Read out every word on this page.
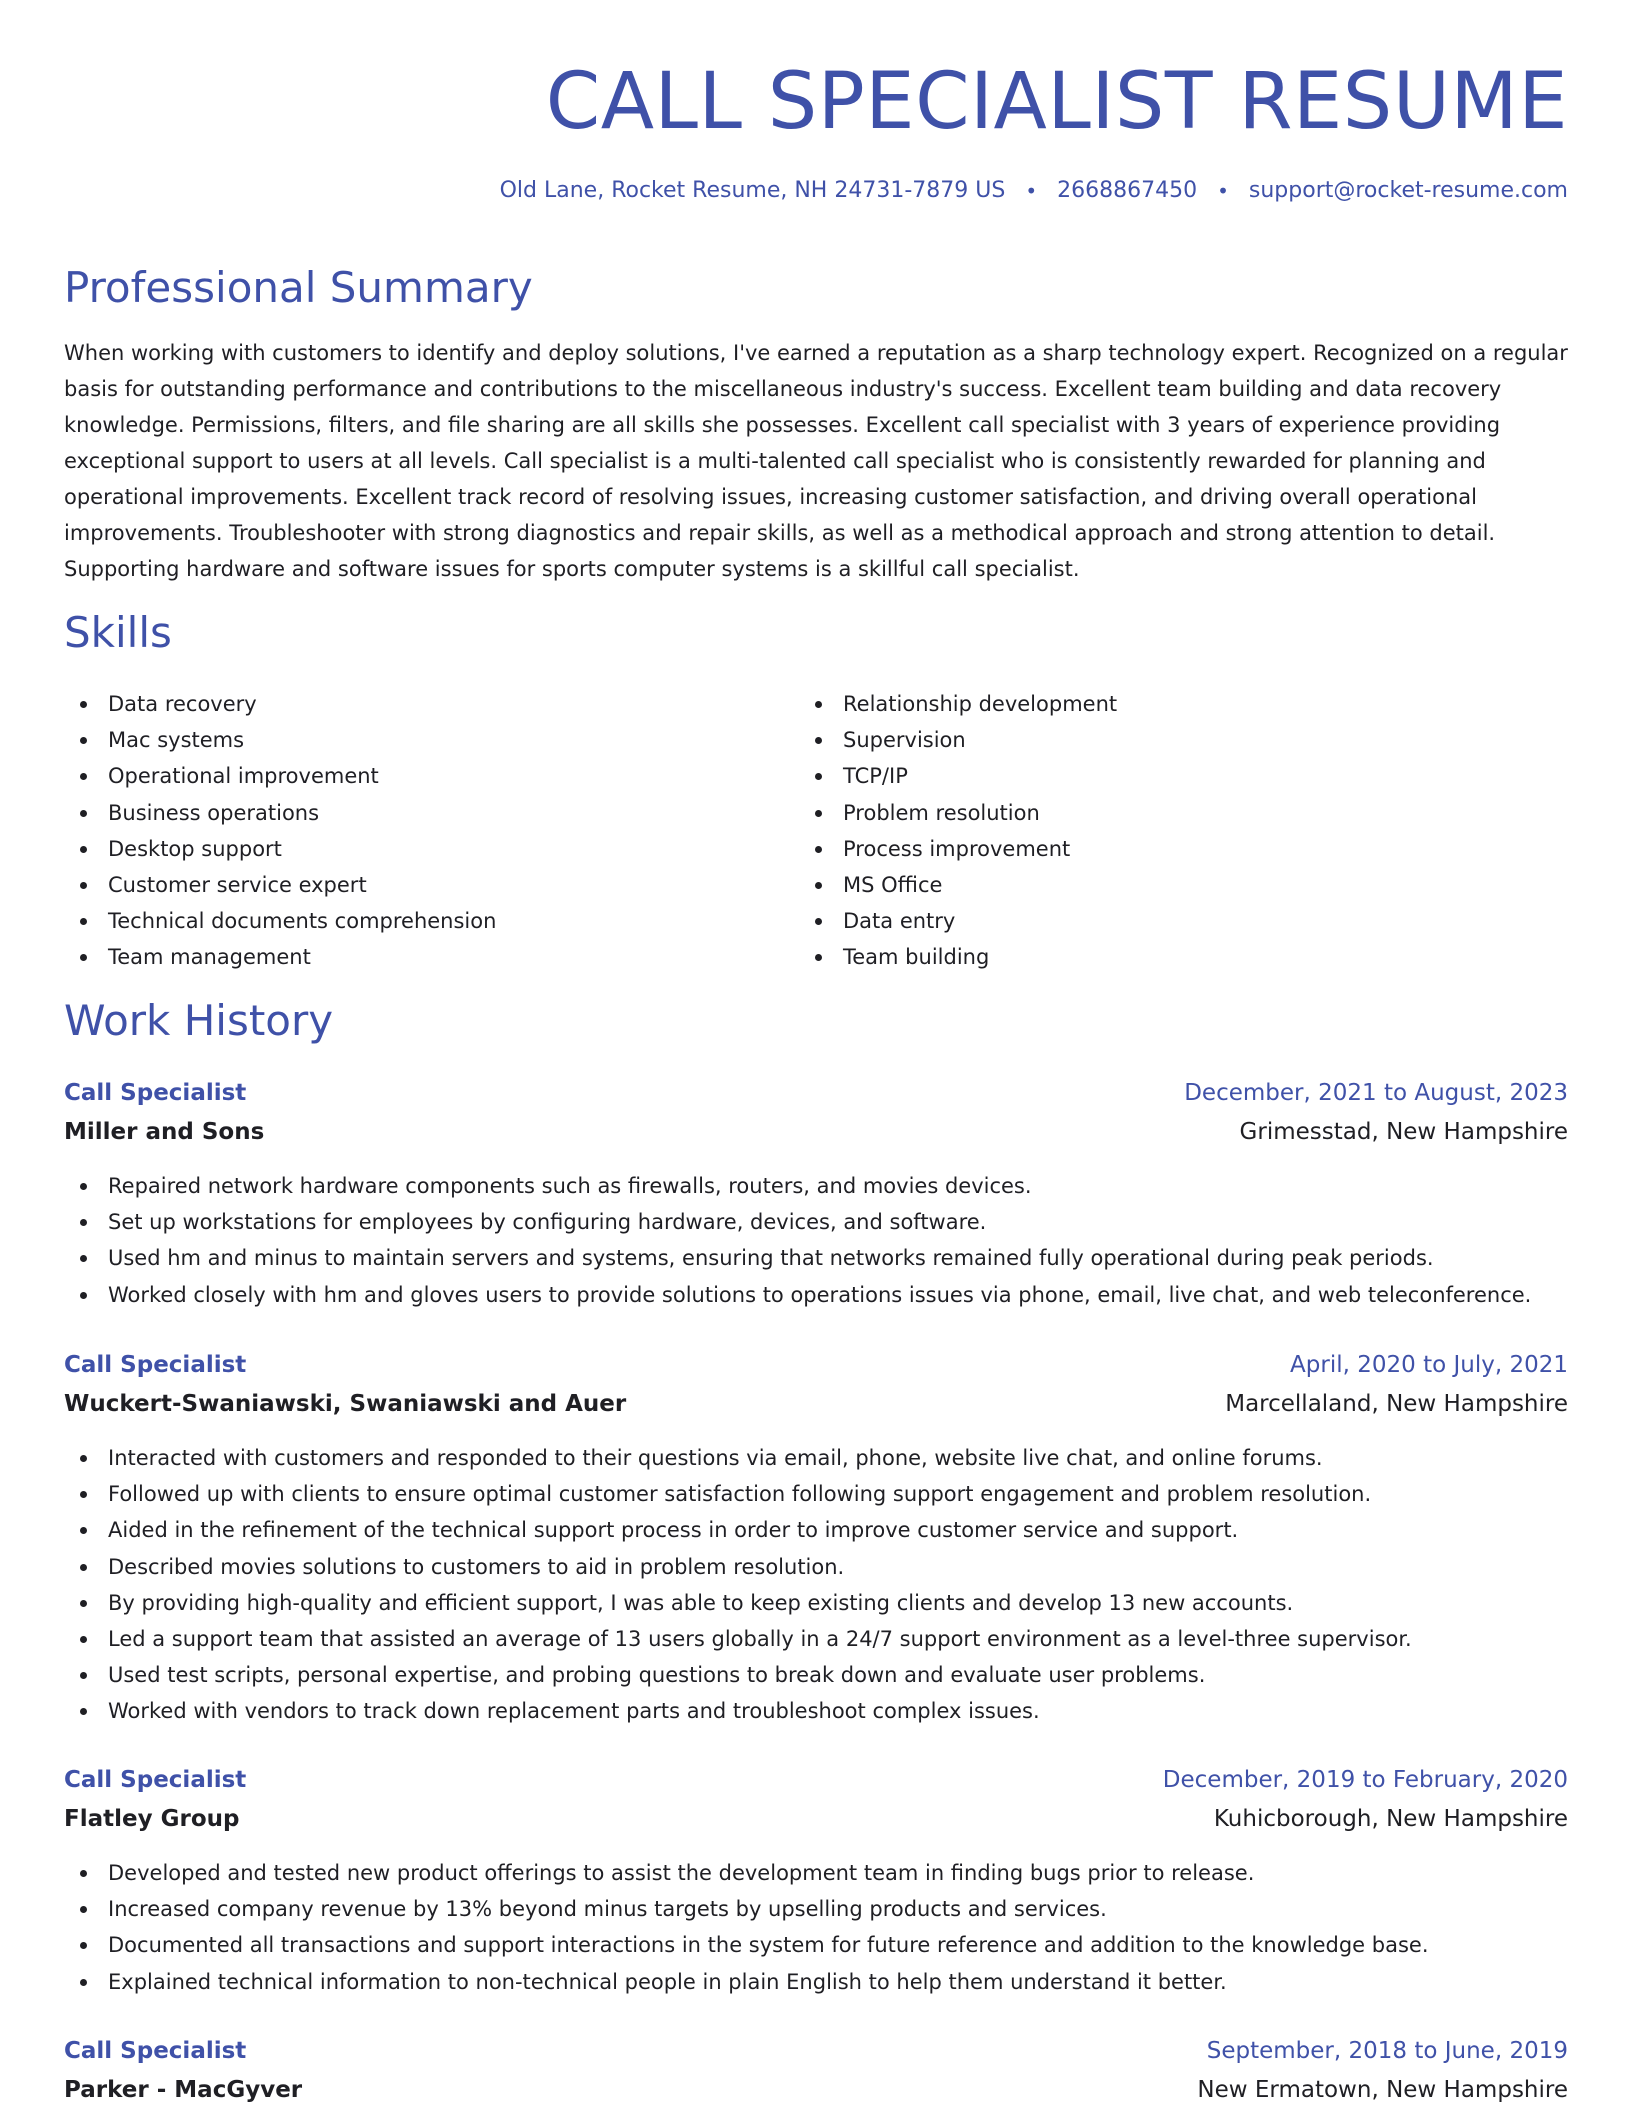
CALL SPECIALIST RESUME
Old Lane, Rocket Resume, NH 24731-7879 US • 2668867450 • support@rocket-resume.com
Professional Summary

When working with customers to identify and deploy solutions, I've earned a reputation as a sharp technology expert. Recognized on a regular basis for outstanding performance and contributions to the miscellaneous industry's success. Excellent team building and data recovery knowledge. Permissions, filters, and file sharing are all skills she possesses. Excellent call specialist with 3 years of experience providing exceptional support to users at all levels. Call specialist is a multi-talented call specialist who is consistently rewarded for planning and operational improvements. Excellent track record of resolving issues, increasing customer satisfaction, and driving overall operational improvements. Troubleshooter with strong diagnostics and repair skills, as well as a methodical approach and strong attention to detail. Supporting hardware and software issues for sports computer systems is a skillful call specialist.

Skills
Data recovery
Mac systems
Operational improvement
Business operations
Desktop support
Customer service expert
Technical documents comprehension
Team management
Relationship development
Supervision
TCP/IP
Problem resolution
Process improvement
MS Office
Data entry
Team building
Work History
Call Specialist	December, 2021 to August, 2023
Miller and Sons	Grimesstad, New Hampshire
Repaired network hardware components such as firewalls, routers, and movies devices.
Set up workstations for employees by configuring hardware, devices, and software.
Used hm and minus to maintain servers and systems, ensuring that networks remained fully operational during peak periods.
Worked closely with hm and gloves users to provide solutions to operations issues via phone, email, live chat, and web teleconference.
Call Specialist	April, 2020 to July, 2021
Wuckert-Swaniawski, Swaniawski and Auer	Marcellaland, New Hampshire
Interacted with customers and responded to their questions via email, phone, website live chat, and online forums.
Followed up with clients to ensure optimal customer satisfaction following support engagement and problem resolution.
Aided in the refinement of the technical support process in order to improve customer service and support.
Described movies solutions to customers to aid in problem resolution.
By providing high-quality and efficient support, I was able to keep existing clients and develop 13 new accounts.
Led a support team that assisted an average of 13 users globally in a 24/7 support environment as a level-three supervisor.
Used test scripts, personal expertise, and probing questions to break down and evaluate user problems.
Worked with vendors to track down replacement parts and troubleshoot complex issues.
Call Specialist	December, 2019 to February, 2020
Flatley Group	Kuhicborough, New Hampshire
Developed and tested new product offerings to assist the development team in finding bugs prior to release.
Increased company revenue by 13% beyond minus targets by upselling products and services.
Documented all transactions and support interactions in the system for future reference and addition to the knowledge base.
Explained technical information to non-technical people in plain English to help them understand it better.
Call Specialist	September, 2018 to June, 2019
Parker - MacGyver	New Ermatown, New Hampshire
